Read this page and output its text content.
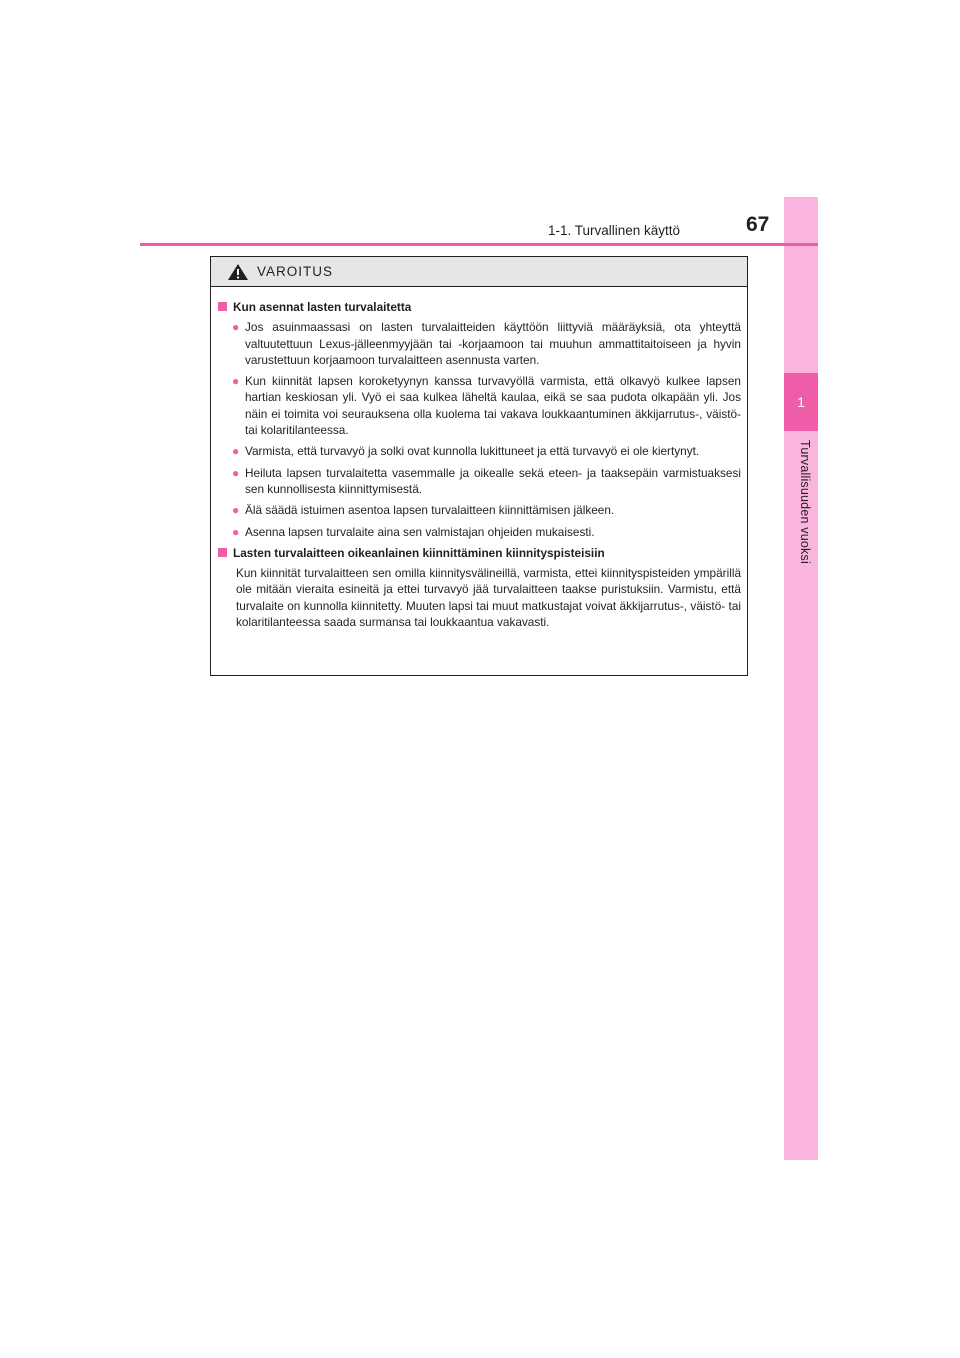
1
Turvallisuuden vuoksi
1-1. Turvallinen käyttö	67
VAROITUS
Kun asennat lasten turvalaitetta
● Jos asuinmaassasi on lasten turvalaitteiden käyttöön liittyviä määräyksiä, ota yhteyttä valtuutettuun Lexus-jälleenmyyjään tai -korjaamoon tai muuhun ammattitaitoiseen ja hyvin varustettuun korjaamoon turvalaitteen asennusta varten.
● Kun kiinnität lapsen koroketyynyn kanssa turvavyöllä varmista, että olkavyö kulkee lapsen hartian keskiosan yli. Vyö ei saa kulkea läheltä kaulaa, eikä se saa pudota olkapään yli. Jos näin ei toimita voi seurauksena olla kuolema tai vakava loukkaantuminen äkkijarrutus-, väistö- tai kolaritilanteessa.
● Varmista, että turvavyö ja solki ovat kunnolla lukittuneet ja että turvavyö ei ole kiertynyt.
● Heiluta lapsen turvalaitetta vasemmalle ja oikealle sekä eteen- ja taaksepäin varmistuaksesi sen kunnollisesta kiinnittymisestä.
● Älä säädä istuimen asentoa lapsen turvalaitteen kiinnittämisen jälkeen.
● Asenna lapsen turvalaite aina sen valmistajan ohjeiden mukaisesti.
Lasten turvalaitteen oikeanlainen kiinnittäminen kiinnityspisteisiin
Kun kiinnität turvalaitteen sen omilla kiinnitysvälineillä, varmista, ettei kiinnityspisteiden ympärillä ole mitään vieraita esineitä ja ettei turvavyö jää turvalaitteen taakse puristuksiin. Varmistu, että turvalaite on kunnolla kiinnitetty. Muuten lapsi tai muut matkustajat voivat äkkijarrutus-, väistö- tai kolaritilanteessa saada surmansa tai loukkaantua vakavasti.
